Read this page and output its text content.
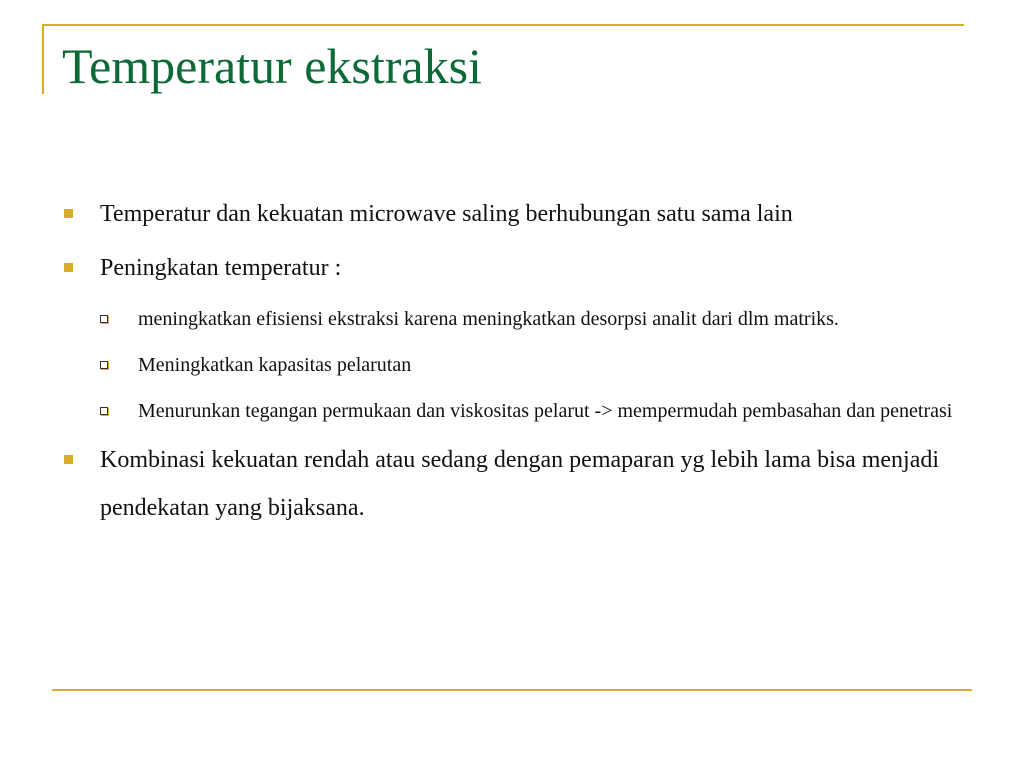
Temperatur ekstraksi
Temperatur dan kekuatan microwave saling berhubungan satu sama lain
Peningkatan temperatur :
meningkatkan efisiensi ekstraksi karena meningkatkan desorpsi analit dari dlm matriks.
Meningkatkan kapasitas pelarutan
Menurunkan tegangan permukaan dan viskositas pelarut -> mempermudah pembasahan dan penetrasi
Kombinasi kekuatan rendah atau sedang dengan pemaparan yg lebih lama bisa menjadi pendekatan yang bijaksana.
